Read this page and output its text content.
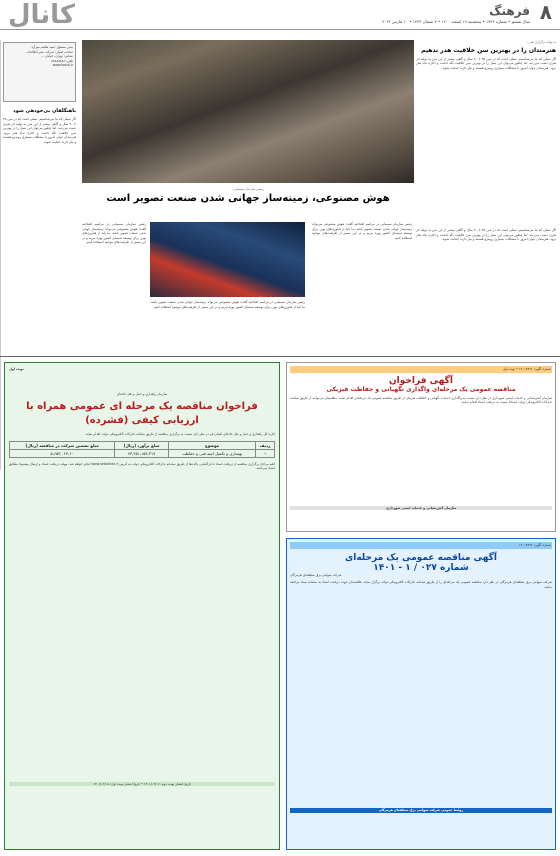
۸
فرهنگ
سال ششم • شماره ۱۹۲۴ • پنجشنبه ۱۹ اسفند ۱۴۰۰ • ۷ شعبان ۱۴۴۳ • ۱۰ مارس ۲۰۲۲
کانال
مدیر مسئول: سید هاشم میرآرد
صاحب امتیاز: شرکت نشر اطلاعات
نشانی: تهران، خیابان ...
تلفن: ۸۸۸۸۸۸۸۸
www.kanal.ir
باهنگلفان بی‌خودهی شود
اگر نسلی که ما می‌شناسیم، نسلی است که در سن ۳۵ تا ۴۰ سال و گاهی بیشتر از این سن به تولید اثر هنری دست می‌زنند، اما چطور می‌توان این نسل را در بهترین سن خلاقیت نگه داشت و اجازه نداد هدر برود. هنرمندان جوان امروز با مشکلات بسیاری روبه‌رو هستند و نیاز دارند حمایت شوند.
به بهانه برگزاری هنر...
هنرمندان را در بهترین سن خلاقیت هدر ندهیم
اگر نسلی که ما می‌شناسیم، نسلی است که در سن ۳۵ تا ۴۰ سال و گاهی بیشتر از این سن به تولید اثر هنری دست می‌زنند، اما چطور می‌توان این نسل را در بهترین سن خلاقیت نگه داشت و اجازه نداد هدر برود. هنرمندان جوان امروز با مشکلات بسیاری روبه‌رو هستند و نیاز دارند حمایت شوند.
رئیس سازمان سینمایی:
هوش مصنوعی، زمینه‌ساز جهانی شدن صنعت تصویر است
رئیس سازمان سینمایی در مراسم افتتاحیه گفت: هوش مصنوعی می‌تواند زمینه‌ساز جهانی شدن صنعت تصویر باشد. ما باید از فناوری‌های نوین برای توسعه سینمای کشور بهره ببریم و در این مسیر از ظرفیت‌های موجود استفاده کنیم.
رئیس سازمان سینمایی در مراسم افتتاحیه گفت: هوش مصنوعی می‌تواند زمینه‌ساز جهانی شدن صنعت تصویر باشد. ما باید از فناوری‌های نوین برای توسعه سینمای کشور بهره ببریم و در این مسیر از ظرفیت‌های موجود استفاده کنیم.
رئیس سازمان سینمایی در مراسم افتتاحیه گفت: هوش مصنوعی می‌تواند زمینه‌ساز جهانی شدن صنعت تصویر باشد. ما باید از فناوری‌های نوین برای توسعه سینمای کشور بهره ببریم و در این مسیر از ظرفیت‌های موجود استفاده کنیم.
اگر نسلی که ما می‌شناسیم، نسلی است که در سن ۳۵ تا ۴۰ سال و گاهی بیشتر از این سن به تولید اثر هنری دست می‌زنند، اما چطور می‌توان این نسل را در بهترین سن خلاقیت نگه داشت و اجازه نداد هدر برود. هنرمندان جوان امروز با مشکلات بسیاری روبه‌رو هستند و نیاز دارند حمایت شوند.
شماره آگهی: ۱۴۰۱۴۸۹۱ • نوبت اول
آگهی فراخوان
مناقصه عمومی یک مرحله‌ای واگذاری نگهبانی و حفاظت فیزیکی
سازمان آتش‌نشانی و خدمات ایمنی شهرداری در نظر دارد نسبت به واگذاری خدمات نگهبانی و حفاظت فیزیکی از طریق مناقصه عمومی یک مرحله‌ای اقدام نماید. متقاضیان می‌توانند از طریق سامانه تدارکات الکترونیکی دولت (ستاد) نسبت به دریافت اسناد اقدام نمایند.
سازمان آتش‌نشانی و خدمات ایمنی شهرداری
شماره آگهی: ۱۴۰۱۴۸۹۲
آگهی مناقصه عمومی یک مرحله‌ای
شماره ۰۲۷ / ۱ - ۱۴۰۱
شرکت سهامی برق منطقه‌ای هرمزگان
شرکت سهامی برق منطقه‌ای هرمزگان در نظر دارد مناقصه عمومی یک مرحله‌ای را از طریق سامانه تدارکات الکترونیکی دولت برگزار نماید. علاقمندان جهت دریافت اسناد به سامانه ستاد مراجعه نمایند.
روابط عمومی شرکت سهامی برق منطقه‌ای هرمزگان
نوبت اول
سازمان راهداری و حمل و نقل جاده‌ای
فراخوان مناقصه یک مرحله ای عمومی همراه با ارزیابی کیفی (فشرده)
اداره کل راهداری و حمل و نقل جاده‌ای استان قم در نظر دارد نسبت به برگزاری مناقصه از طریق سامانه تدارکات الکترونیکی دولت اقدام نماید.
ردیف	موضوع	مبلغ برآورد (ریال)	مبلغ تضمین شرکت در مناقصه (ریال)
۱	بهسازی و تکمیل ابنیه فنی و حفاظت	۷۳,۲۵۱,۱۵۳,۳۱۷	۵,۶۵۳,۰۲۴,۶۰
کلیه مراحل برگزاری مناقصه از دریافت اسناد تا بازگشایی پاکت‌ها از طریق سامانه تدارکات الکترونیکی دولت به آدرس www.setadiran.ir انجام خواهد شد. مهلت دریافت اسناد و ارسال پیشنهاد مطابق اسناد می‌باشد.
تاریخ انتشار نوبت دوم: ۱۴۰۱/۰۴/۰۶ • تاریخ انتشار نوبت اول: ۱۴۰۱/۰۴/۰۵
